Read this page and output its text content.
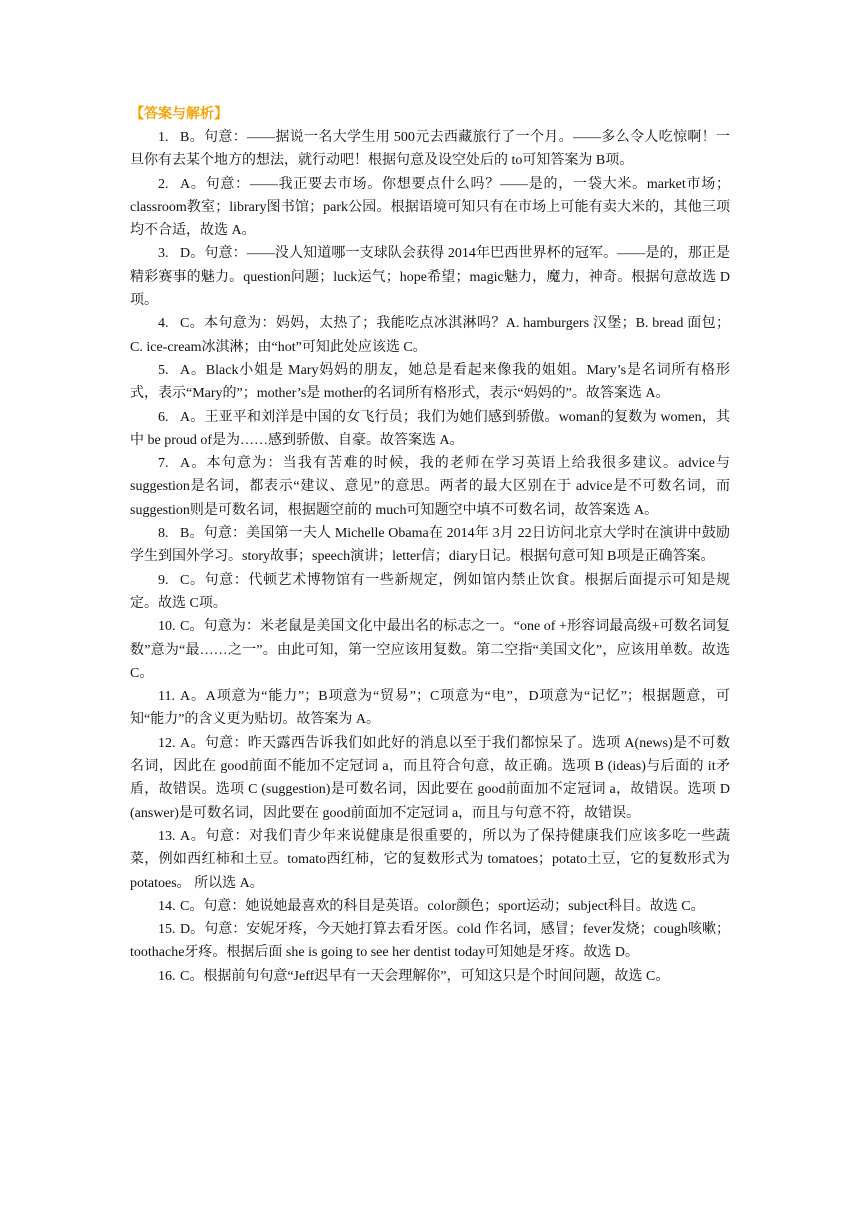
【答案与解析】

1. B。句意：——据说一名大学生用 500元去西藏旅行了一个月。——多么令人吃惊啊！一旦你有去某个地方的想法，就行动吧！根据句意及设空处后的 to可知答案为 B项。

2. A。句意：——我正要去市场。你想要点什么吗？——是的，一袋大米。market市场；classroom教室；library图书馆；park公园。根据语境可知只有在市场上可能有卖大米的，其他三项均不合适，故选 A。

3. D。句意：——没人知道哪一支球队会获得 2014年巴西世界杯的冠军。——是的，那正是精彩赛事的魅力。question问题；luck运气；hope希望；magic魅力，魔力，神奇。根据句意故选 D项。

4. C。本句意为：妈妈，太热了；我能吃点冰淇淋吗？A. hamburgers 汉堡；B. bread 面包；C. ice-cream冰淇淋；由“hot”可知此处应该选 C。

5. A。Black小姐是 Mary妈妈的朋友，她总是看起来像我的姐姐。Mary’s是名词所有格形式，表示“Mary的”；mother’s是 mother的名词所有格形式，表示“妈妈的”。故答案选 A。

6. A。王亚平和刘洋是中国的女飞行员；我们为她们感到骄傲。woman的复数为 women，其中 be proud of是为……感到骄傲、自豪。故答案选 A。

7. A。本句意为：当我有苦难的时候，我的老师在学习英语上给我很多建议。advice与 suggestion是名词，都表示“建议、意见”的意思。两者的最大区别在于 advice是不可数名词，而 suggestion则是可数名词，根据题空前的 much可知题空中填不可数名词，故答案选 A。

8. B。句意：美国第一夫人 Michelle Obama在 2014年 3月 22日访问北京大学时在演讲中鼓励学生到国外学习。story故事；speech演讲；letter信；diary日记。根据句意可知 B项是正确答案。

9. C。句意：代顿艺术博物馆有一些新规定，例如馆内禁止饮食。根据后面提示可知是规定。故选 C项。

10. C。句意为：米老鼠是美国文化中最出名的标志之一。“one of +形容词最高级+可数名词复数”意为“最……之一”。由此可知，第一空应该用复数。第二空指“美国文化”，应该用单数。故选 C。

11. A。A项意为“能力”；B项意为“贸易”；C项意为“电”，D项意为“记忆”；根据题意，可知“能力”的含义更为贴切。故答案为 A。

12. A。句意：昨天露西告诉我们如此好的消息以至于我们都惊呆了。选项 A(news)是不可数名词，因此在 good前面不能加不定冠词 a，而且符合句意，故正确。选项 B (ideas)与后面的 it矛盾，故错误。选项 C (suggestion)是可数名词，因此要在 good前面加不定冠词 a，故错误。选项 D (answer)是可数名词，因此要在 good前面加不定冠词 a，而且与句意不符，故错误。

13. A。句意：对我们青少年来说健康是很重要的，所以为了保持健康我们应该多吃一些蔬菜，例如西红柿和土豆。tomato西红柿，它的复数形式为 tomatoes；potato土豆，它的复数形式为 potatoes。 所以选 A。

14. C。句意：她说她最喜欢的科目是英语。color颜色；sport运动；subject科目。故选 C。

15. D。句意：安妮牙疼，今天她打算去看牙医。cold 作名词，感冒；fever发烧；cough咳嗽；toothache牙疼。根据后面 she is going to see her dentist today可知她是牙疼。故选 D。

16. C。根据前句句意“Jeff迟早有一天会理解你”，可知这只是个时间问题，故选 C。
